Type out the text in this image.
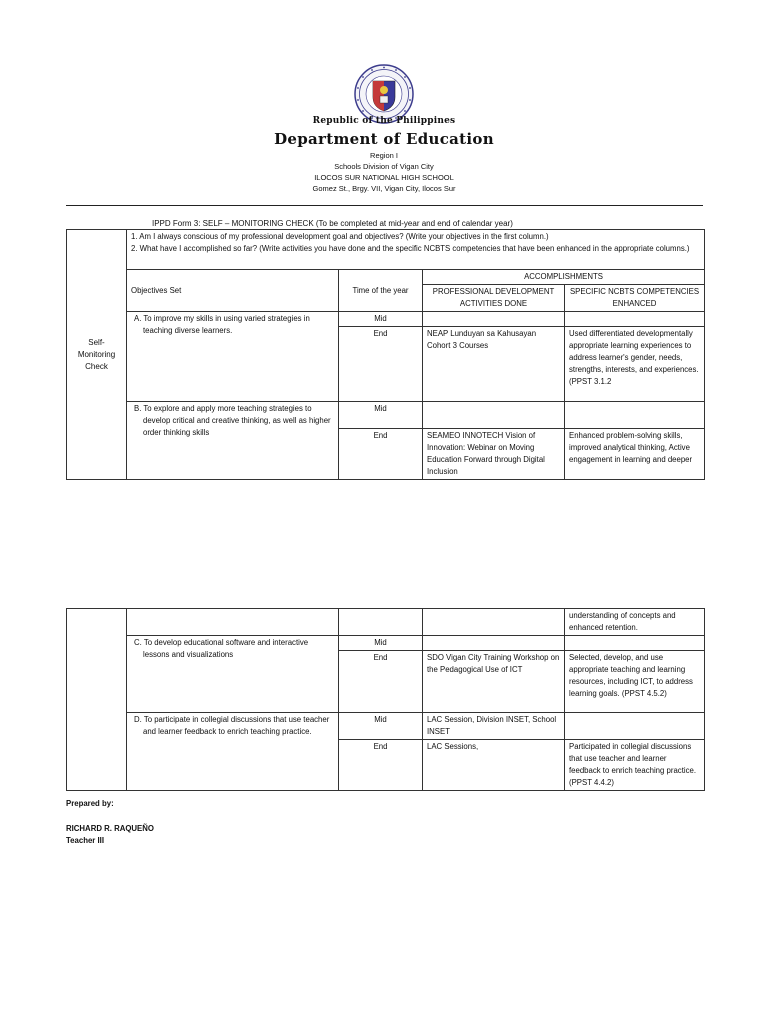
Republic of the Philippines
Department of Education
Region I
Schools Division of Vigan City
ILOCOS SUR NATIONAL HIGH SCHOOL
Gomez St., Brgy. VII, Vigan City, Ilocos Sur
IPPD Form 3: SELF – MONITORING CHECK (To be completed at mid-year and end of calendar year)
Self-Monitoring Check	1. Am I always conscious of my professional development goal and objectives? (Write your objectives in the first column.)
2. What have I accomplished so far? (Write activities you have done and the specific NCBTS competencies that have been enhanced in the appropriate columns.)			

	Objectives Set	Time of the year	ACCOMPLISHMENTS	
			PROFESSIONAL DEVELOPMENT ACTIVITIES DONE	SPECIFIC NCBTS COMPETENCIES ENHANCED

	A. To improve my skills in using varied strategies in teaching diverse learners.	Mid		
		End	NEAP Lunduyan sa Kahusayan Cohort 3 Courses	Used differentiated developmentally appropriate learning experiences to address learner's gender, needs, strengths, interests, and experiences. (PPST 3.1.2

	B. To explore and apply more teaching strategies to develop critical and creative thinking, as well as higher order thinking skills	Mid		
		End	SEAMEO INNOTECH Vision of Innovation: Webinar on Moving Education Forward through Digital Inclusion	Enhanced problem-solving skills, improved analytical thinking, Active engagement in learning and deeper
				understanding of concepts and enhanced retention.

	C. To develop educational software and interactive lessons and visualizations	Mid		
		End	SDO Vigan City Training Workshop on the Pedagogical Use of ICT	Selected, develop, and use appropriate teaching and learning resources, including ICT, to address learning goals. (PPST 4.5.2)

	D. To participate in collegial discussions that use teacher and learner feedback to enrich teaching practice.	Mid	LAC Session, Division INSET, School INSET	
		End	LAC Sessions,	Participated in collegial discussions that use teacher and learner feedback to enrich teaching practice. (PPST 4.4.2)
Prepared by:
RICHARD R. RAQUEÑO
Teacher III
